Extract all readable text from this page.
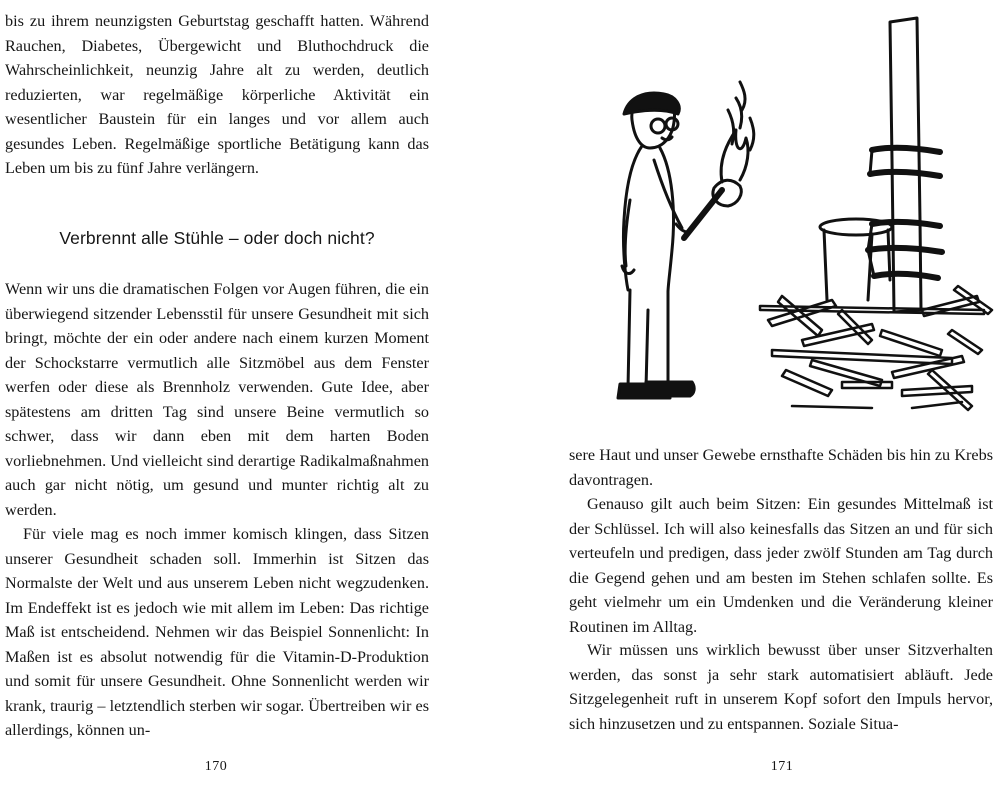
bis zu ihrem neunzigsten Geburtstag geschafft hatten. Während Rauchen, Diabetes, Übergewicht und Bluthochdruck die Wahrscheinlichkeit, neunzig Jahre alt zu werden, deutlich reduzierten, war regelmäßige körperliche Aktivität ein wesentlicher Baustein für ein langes und vor allem auch gesundes Leben. Regelmäßige sportliche Betätigung kann das Leben um bis zu fünf Jahre verlängern.

Verbrennt alle Stühle – oder doch nicht?

Wenn wir uns die dramatischen Folgen vor Augen führen, die ein überwiegend sitzender Lebensstil für unsere Gesundheit mit sich bringt, möchte der ein oder andere nach einem kurzen Moment der Schockstarre vermutlich alle Sitzmöbel aus dem Fenster werfen oder diese als Brennholz verwenden. Gute Idee, aber spätestens am dritten Tag sind unsere Beine vermutlich so schwer, dass wir dann eben mit dem harten Boden vorliebnehmen. Und vielleicht sind derartige Radikalmaßnahmen auch gar nicht nötig, um gesund und munter richtig alt zu werden.

Für viele mag es noch immer komisch klingen, dass Sitzen unserer Gesundheit schaden soll. Immerhin ist Sitzen das Normalste der Welt und aus unserem Leben nicht wegzudenken. Im Endeffekt ist es jedoch wie mit allem im Leben: Das richtige Maß ist entscheidend. Nehmen wir das Beispiel Sonnenlicht: In Maßen ist es absolut notwendig für die Vitamin-D-Produktion und somit für unsere Gesundheit. Ohne Sonnenlicht werden wir krank, traurig – letztendlich sterben wir sogar. Übertreiben wir es allerdings, können un-

170

sere Haut und unser Gewebe ernsthafte Schäden bis hin zu Krebs davontragen.

Genauso gilt auch beim Sitzen: Ein gesundes Mittelmaß ist der Schlüssel. Ich will also keinesfalls das Sitzen an und für sich verteufeln und predigen, dass jeder zwölf Stunden am Tag durch die Gegend gehen und am besten im Stehen schlafen sollte. Es geht vielmehr um ein Umdenken und die Veränderung kleiner Routinen im Alltag.

Wir müssen uns wirklich bewusst über unser Sitzverhalten werden, das sonst ja sehr stark automatisiert abläuft. Jede Sitzgelegenheit ruft in unserem Kopf sofort den Impuls hervor, sich hinzusetzen und zu entspannen. Soziale Situa-

171
